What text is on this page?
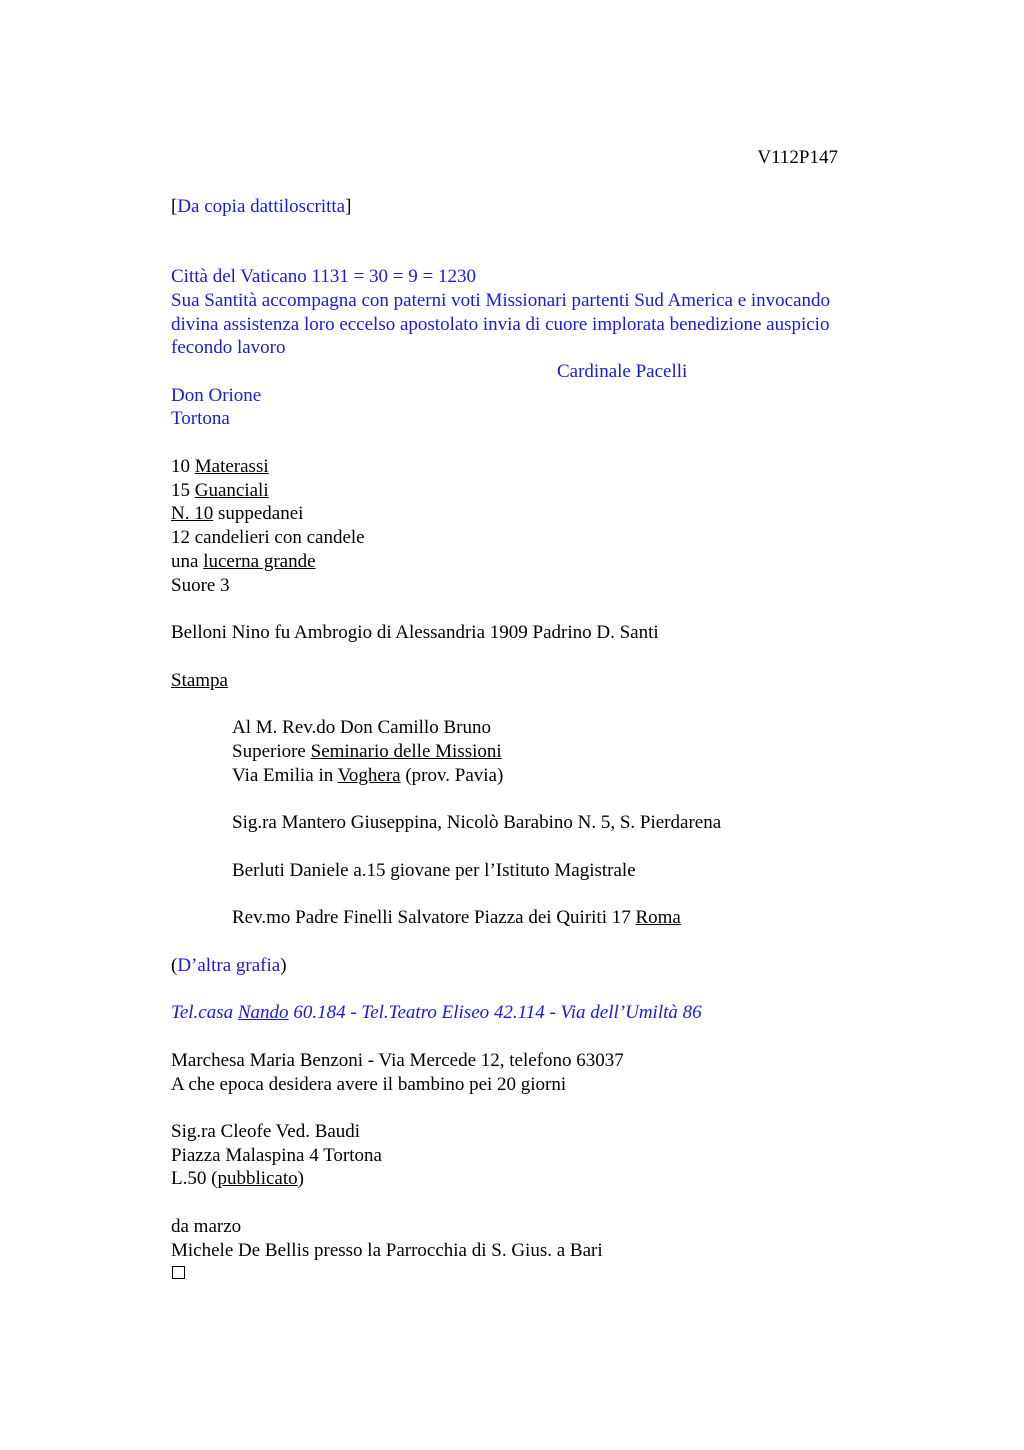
V112P147
[Da copia dattiloscritta]
Città del Vaticano 1131 = 30 = 9 = 1230
Sua Santità accompagna con paterni voti Missionari partenti Sud America e invocando
divina assistenza loro eccelso apostolato invia di cuore implorata benedizione auspicio
fecondo lavoro
Cardinale Pacelli
Don Orione
Tortona
10 Materassi
15 Guanciali
N. 10 suppedanei
12 candelieri con candele
una lucerna grande
Suore 3
Belloni Nino fu Ambrogio di Alessandria 1909 Padrino D. Santi
Stampa
Al M. Rev.do Don Camillo Bruno
Superiore Seminario delle Missioni
Via Emilia in Voghera (prov. Pavia)
Sig.ra Mantero Giuseppina, Nicolò Barabino N. 5, S. Pierdarena
Berluti Daniele a.15 giovane per l’Istituto Magistrale
Rev.mo Padre Finelli Salvatore Piazza dei Quiriti 17 Roma
(D’altra grafia)
Tel.casa Nando 60.184 - Tel.Teatro Eliseo 42.114 - Via dell’Umiltà 86
Marchesa Maria Benzoni - Via Mercede 12, telefono 63037
A che epoca desidera avere il bambino pei 20 giorni
Sig.ra Cleofe Ved. Baudi
Piazza Malaspina 4 Tortona
L.50 (pubblicato)
da marzo
Michele De Bellis presso la Parrocchia di S. Gius. a Bari
